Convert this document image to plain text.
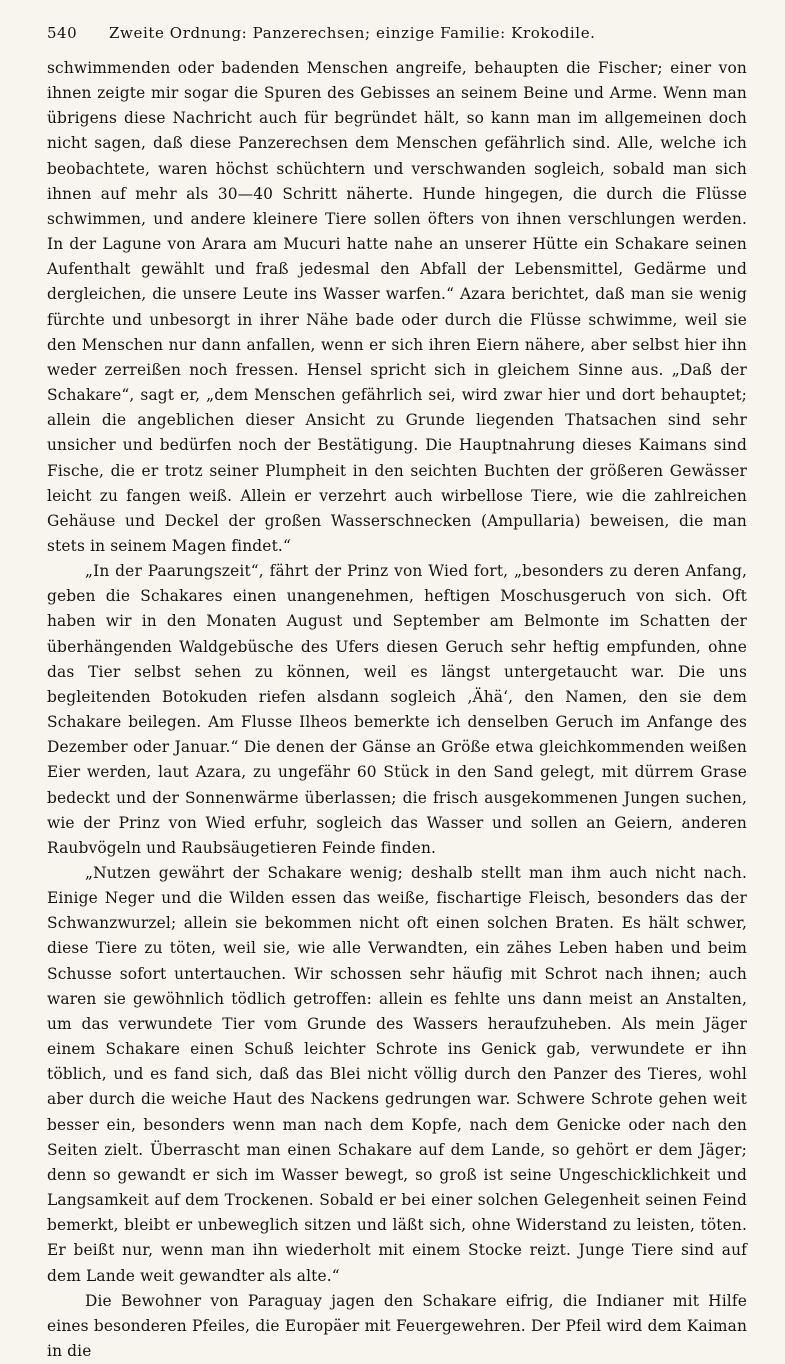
540	Zweite Ordnung: Panzerechsen; einzige Familie: Krokodile.

schwimmenden oder badenden Menschen angreife, behaupten die Fischer; einer von ihnen zeigte mir sogar die Spuren des Gebisses an seinem Beine und Arme. Wenn man übrigens diese Nachricht auch für begründet hält, so kann man im allgemeinen doch nicht sagen, daß diese Panzerechsen dem Menschen gefährlich sind. Alle, welche ich beobachtete, waren höchst schüchtern und verschwanden sogleich, sobald man sich ihnen auf mehr als 30—40 Schritt näherte. Hunde hingegen, die durch die Flüsse schwimmen, und andere kleinere Tiere sollen öfters von ihnen verschlungen werden. In der Lagune von Arara am Mucuri hatte nahe an unserer Hütte ein Schakare seinen Aufenthalt gewählt und fraß jedesmal den Abfall der Lebensmittel, Gedärme und dergleichen, die unsere Leute ins Wasser warfen.“ Azara berichtet, daß man sie wenig fürchte und unbesorgt in ihrer Nähe bade oder durch die Flüsse schwimme, weil sie den Menschen nur dann anfallen, wenn er sich ihren Eiern nähere, aber selbst hier ihn weder zerreißen noch fressen. Hensel spricht sich in gleichem Sinne aus. „Daß der Schakare“, sagt er, „dem Menschen gefährlich sei, wird zwar hier und dort behauptet; allein die angeblichen dieser Ansicht zu Grunde liegenden Thatsachen sind sehr unsicher und bedürfen noch der Bestätigung. Die Hauptnahrung dieses Kaimans sind Fische, die er trotz seiner Plumpheit in den seichten Buchten der größeren Gewässer leicht zu fangen weiß. Allein er verzehrt auch wirbellose Tiere, wie die zahlreichen Gehäuse und Deckel der großen Wasserschnecken (Ampullaria) beweisen, die man stets in seinem Magen findet.“

„In der Paarungszeit“, fährt der Prinz von Wied fort, „besonders zu deren Anfang, geben die Schakares einen unangenehmen, heftigen Moschusgeruch von sich. Oft haben wir in den Monaten August und September am Belmonte im Schatten der überhängenden Waldgebüsche des Ufers diesen Geruch sehr heftig empfunden, ohne das Tier selbst sehen zu können, weil es längst untergetaucht war. Die uns begleitenden Botokuden riefen alsdann sogleich ‚Ähä‘, den Namen, den sie dem Schakare beilegen. Am Flusse Ilheos bemerkte ich denselben Geruch im Anfange des Dezember oder Januar.“ Die denen der Gänse an Größe etwa gleichkommenden weißen Eier werden, laut Azara, zu ungefähr 60 Stück in den Sand gelegt, mit dürrem Grase bedeckt und der Sonnenwärme überlassen; die frisch ausgekommenen Jungen suchen, wie der Prinz von Wied erfuhr, sogleich das Wasser und sollen an Geiern, anderen Raubvögeln und Raubsäugetieren Feinde finden.

„Nutzen gewährt der Schakare wenig; deshalb stellt man ihm auch nicht nach. Einige Neger und die Wilden essen das weiße, fischartige Fleisch, besonders das der Schwanzwurzel; allein sie bekommen nicht oft einen solchen Braten. Es hält schwer, diese Tiere zu töten, weil sie, wie alle Verwandten, ein zähes Leben haben und beim Schusse sofort untertauchen. Wir schossen sehr häufig mit Schrot nach ihnen; auch waren sie gewöhnlich tödlich getroffen: allein es fehlte uns dann meist an Anstalten, um das verwundete Tier vom Grunde des Wassers heraufzuheben. Als mein Jäger einem Schakare einen Schuß leichter Schrote ins Genick gab, verwundete er ihn töblich, und es fand sich, daß das Blei nicht völlig durch den Panzer des Tieres, wohl aber durch die weiche Haut des Nackens gedrungen war. Schwere Schrote gehen weit besser ein, besonders wenn man nach dem Kopfe, nach dem Genicke oder nach den Seiten zielt. Überrascht man einen Schakare auf dem Lande, so gehört er dem Jäger; denn so gewandt er sich im Wasser bewegt, so groß ist seine Ungeschicklichkeit und Langsamkeit auf dem Trockenen. Sobald er bei einer solchen Gelegenheit seinen Feind bemerkt, bleibt er unbeweglich sitzen und läßt sich, ohne Widerstand zu leisten, töten. Er beißt nur, wenn man ihn wiederholt mit einem Stocke reizt. Junge Tiere sind auf dem Lande weit gewandter als alte.“

Die Bewohner von Paraguay jagen den Schakare eifrig, die Indianer mit Hilfe eines besonderen Pfeiles, die Europäer mit Feuergewehren. Der Pfeil wird dem Kaiman in die
